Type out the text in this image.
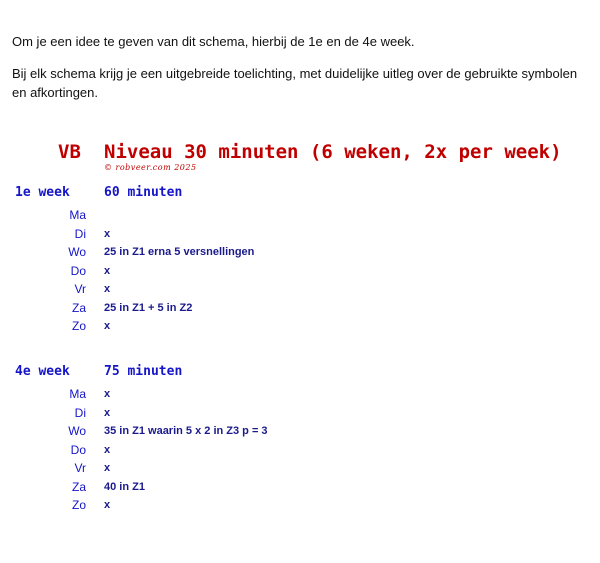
Om je een idee te geven van dit schema, hierbij de 1e en de 4e week.
Bij elk schema krijg je een uitgebreide toelichting, met duidelijke uitleg over de gebruikte symbolen en afkortingen.
VB Niveau 30 minuten (6 weken, 2x per week)
© robveer.com 2025
1e week	60 minuten
Ma
Di x
Wo 25 in Z1 erna 5 versnellingen
Do x
Vr x
Za 25 in Z1 + 5 in Z2
Zo x
4e week	75 minuten
Ma x
Di x
Wo 35 in Z1 waarin 5 x 2 in Z3 p = 3
Do x
Vr x
Za 40 in Z1
Zo x
